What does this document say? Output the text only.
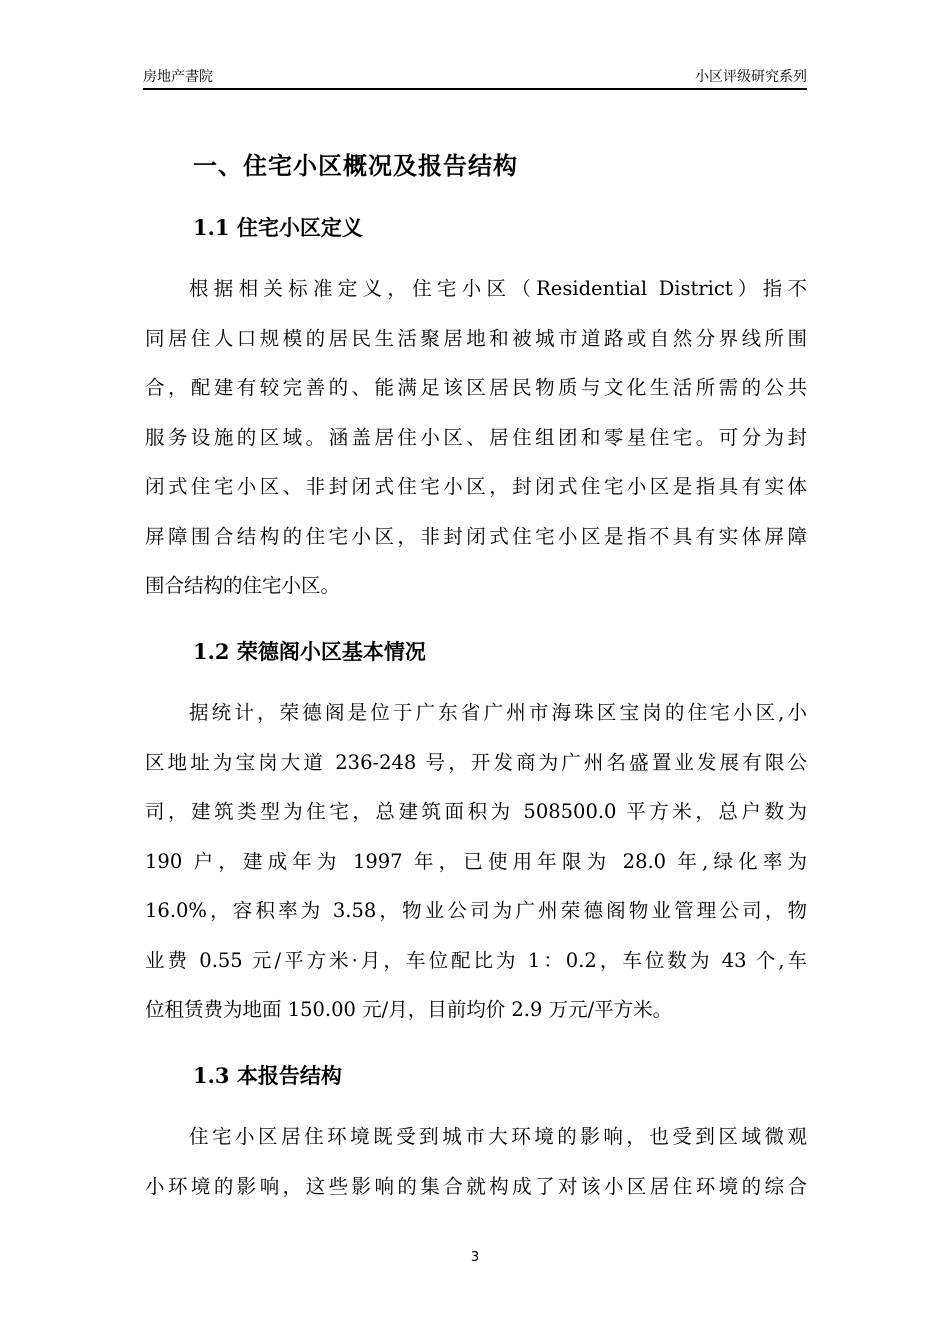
房地产書院	小区评级研究系列
一、住宅小区概况及报告结构
1.1 住宅小区定义
根据相关标准定义，住宅小区（Residential District）指不
同居住人口规模的居民生活聚居地和被城市道路或自然分界线所围
合，配建有较完善的、能满足该区居民物质与文化生活所需的公共
服务设施的区域。涵盖居住小区、居住组团和零星住宅。可分为封
闭式住宅小区、非封闭式住宅小区，封闭式住宅小区是指具有实体
屏障围合结构的住宅小区，非封闭式住宅小区是指不具有实体屏障
围合结构的住宅小区。
1.2 荣德阁小区基本情况
据统计，荣德阁是位于广东省广州市海珠区宝岗的住宅小区,小
区地址为宝岗大道 236-248 号，开发商为广州名盛置业发展有限公
司，建筑类型为住宅，总建筑面积为 508500.0 平方米，总户数为
190 户，建成年为 1997 年，已使用年限为 28.0 年,绿化率为
16.0%，容积率为 3.58，物业公司为广州荣德阁物业管理公司，物
业费 0.55 元/平方米·月，车位配比为 1：0.2，车位数为 43 个,车
位租赁费为地面 150.00 元/月，目前均价 2.9 万元/平方米。
1.3 本报告结构
住宅小区居住环境既受到城市大环境的影响，也受到区域微观
小环境的影响，这些影响的集合就构成了对该小区居住环境的综合
3
